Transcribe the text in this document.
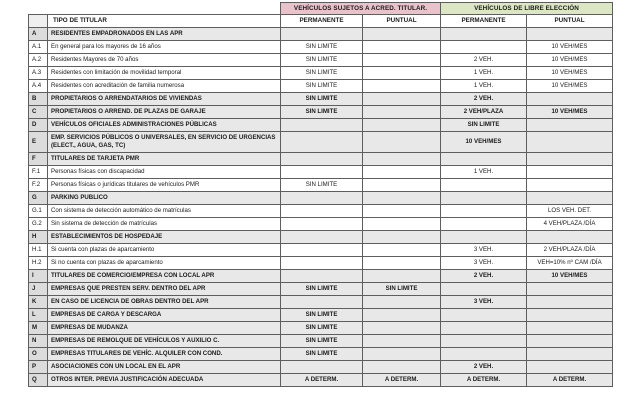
		VEHÍCULOS SUJETOS A ACRED. TITULAR.		VEHÍCULOS DE LIBRE ELECCIÓN	
	TIPO DE TITULAR	PERMANENTE	PUNTUAL	PERMANENTE	PUNTUAL
A	RESIDENTES EMPADRONADOS EN LAS APR				
A.1	En general para los mayores de 16 años	SIN LIMITE			10 VEH/MES
A.2	Residentes Mayores de 70 años	SIN LIMITE		2 VEH.	10 VEH/MES
A.3	Residentes con limitación de movilidad temporal	SIN LIMITE		1 VEH.	10 VEH/MES
A.4	Residentes con acreditación de familia numerosa	SIN LIMITE		1 VEH.	10 VEH/MES
B	PROPIETARIOS O ARRENDATARIOS DE VIVIENDAS	SIN LIMITE		2 VEH.	
C	PROPIETARIOS O ARREND. DE PLAZAS DE GARAJE	SIN LIMITE		2 VEH/PLAZA	10 VEH/MES
D	VEHÍCULOS OFICIALES ADMINISTRACIONES PÚBLICAS			SIN LIMITE	
E	EMP. SERVICIOS PÚBLICOS O UNIVERSALES, EN SERVICIO DE URGENCIAS (ELECT., AGUA, GAS, TC)			10 VEH/MES	
F	TITULARES DE TARJETA PMR				
F.1	Personas físicas con discapacidad			1 VEH.	
F.2	Personas físicas o jurídicas titulares de vehículos PMR	SIN LIMITE			
G	PARKING PUBLICO				
G.1	Con sistema de detección automático de matrículas				LOS VEH. DET.
G.2	Sin sistema de detección de matrículas				4 VEH/PLAZA /DÍA
H	ESTABLECIMIENTOS DE HOSPEDAJE				
H.1	Si cuenta con plazas de aparcamiento			3 VEH.	2 VEH/PLAZA /DÍA
H.2	Si no cuenta con plazas de aparcamiento			3 VEH.	VEH=10% nº CAM /DÍA
I	TITULARES DE COMERCIO/EMPRESA CON LOCAL APR			2 VEH.	10 VEH/MES
J	EMPRESAS QUE PRESTEN SERV. DENTRO DEL APR	SIN LIMITE	SIN LIMITE		
K	EN CASO DE LICENCIA DE OBRAS DENTRO DEL APR			3 VEH.	
L	EMPRESAS DE CARGA Y DESCARGA	SIN LIMITE			
M	EMPRESAS DE MUDANZA	SIN LIMITE			
N	EMPRESAS DE REMOLQUE DE VEHÍCULOS Y AUXILIO C.	SIN LIMITE			
O	EMPRESAS TITULARES DE VEHÍC. ALQUILER CON COND.	SIN LIMITE			
P	ASOCIACIONES CON UN LOCAL EN EL APR			2 VEH.	
Q	OTROS INTER. PREVIA JUSTIFICACIÓN ADECUADA	A DETERM.	A DETERM.	A DETERM.	A DETERM.
